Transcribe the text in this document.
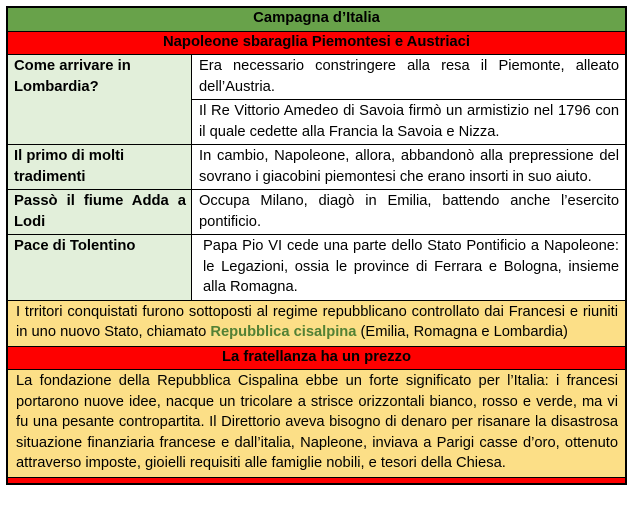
Campagna d’Italia
Napoleone sbaraglia Piemontesi e Austriaci
Come arrivare in Lombardia?
Era necessario constringere alla resa il Piemonte, alleato dell’Austria.
Il Re Vittorio Amedeo di Savoia firmò un armistizio nel 1796 con il quale cedette alla Francia la Savoia e Nizza.
Il primo di molti tradimenti
In cambio, Napoleone, allora, abbandonò alla prepressione del sovrano i giacobini piemontesi che erano insorti in suo aiuto.
Passò il fiume Adda a Lodi
Occupa Milano, diagò in Emilia, battendo anche l’esercito pontificio.
Pace di Tolentino	Papa Pio VI cede una parte dello Stato Pontificio a Napoleone: le Legazioni, ossia le province di Ferrara e Bologna, insieme alla Romagna.
I trritori conquistati furono sottoposti al regime repubblicano controllato dai Francesi e riuniti in uno nuovo Stato, chiamato Repubblica cisalpina (Emilia, Romagna e Lombardia)
La fratellanza ha un prezzo
La fondazione della Repubblica Cispalina ebbe un forte significato per l’Italia: i francesi portarono nuove idee, nacque un tricolare a strisce orizzontali bianco, rosso e verde, ma vi fu una pesante contropartita. Il Direttorio aveva bisogno di denaro per risanare la disastrosa situazione finanziaria francese e dall’italia, Napleone, inviava a Parigi casse d’oro, ottenuto attraverso imposte, gioielli requisiti alle famiglie nobili, e tesori della Chiesa.
